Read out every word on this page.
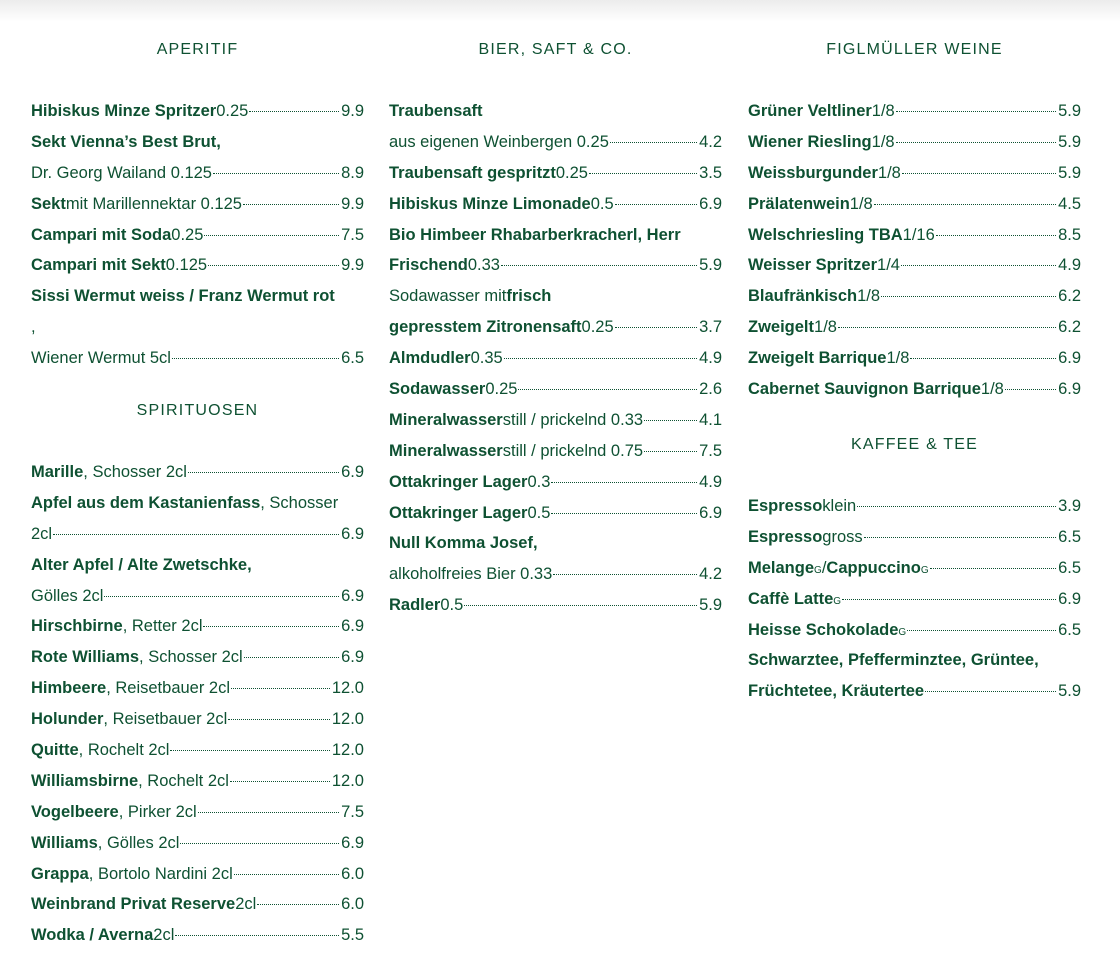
APERITIF
Hibiskus Minze Spritzer 0.25	9.9
Sekt Vienna’s Best Brut,
Dr. Georg Wailand 0.125	8.9
Sekt mit Marillennektar 0.125	9.9
Campari mit Soda 0.25	7.5
Campari mit Sekt 0.125	9.9
Sissi Wermut weiss / Franz Wermut rot
,
Wiener Wermut 5cl	6.5
SPIRITUOSEN
Marille , Schosser 2cl	6.9
Apfel aus dem Kastanienfass , Schosser
2cl	6.9
Alter Apfel / Alte Zwetschke,
Gölles 2cl	6.9
Hirschbirne , Retter 2cl	6.9
Rote Williams , Schosser 2cl	6.9
Himbeere , Reisetbauer 2cl	12.0
Holunder , Reisetbauer 2cl	12.0
Quitte , Rochelt 2cl	12.0
Williamsbirne , Rochelt 2cl	12.0
Vogelbeere , Pirker 2cl	7.5
Williams , Gölles 2cl	6.9
Grappa , Bortolo Nardini 2cl	6.0
Weinbrand Privat Reserve 2cl	6.0
Wodka / Averna 2cl	5.5
BIER, SAFT & CO.
Traubensaft
aus eigenen Weinbergen 0.25	4.2
Traubensaft gespritzt 0.25	3.5
Hibiskus Minze Limonade 0.5	6.9
Bio Himbeer Rhabarberkracherl, Herr
Frischend 0.33	5.9
Sodawasser mit frisch
gepresstem Zitronensaft 0.25	3.7
Almdudler 0.35	4.9
Sodawasser 0.25	2.6
Mineralwasser still / prickelnd 0.33	4.1
Mineralwasser still / prickelnd 0.75	7.5
Ottakringer Lager 0.3	4.9
Ottakringer Lager 0.5	6.9
Null Komma Josef,
alkoholfreies Bier 0.33	4.2
Radler 0.5	5.9
FIGLMÜLLER WEINE
Grüner Veltliner 1/8	5.9
Wiener Riesling 1/8	5.9
Weissburgunder 1/8	5.9
Prälatenwein 1/8	4.5
Welschriesling TBA 1/16	8.5
Weisser Spritzer 1/4	4.9
Blaufränkisch 1/8	6.2
Zweigelt 1/8	6.2
Zweigelt Barrique 1/8	6.9
Cabernet Sauvignon Barrique 1/8	6.9
KAFFEE & TEE
Espresso klein	3.9
Espresso gross	6.5
Melange G / Cappuccino G	6.5
Caffè Latte G	6.9
Heisse Schokolade G	6.5
Schwarztee, Pfefferminztee, Grüntee,
Früchtetee, Kräutertee	5.9
